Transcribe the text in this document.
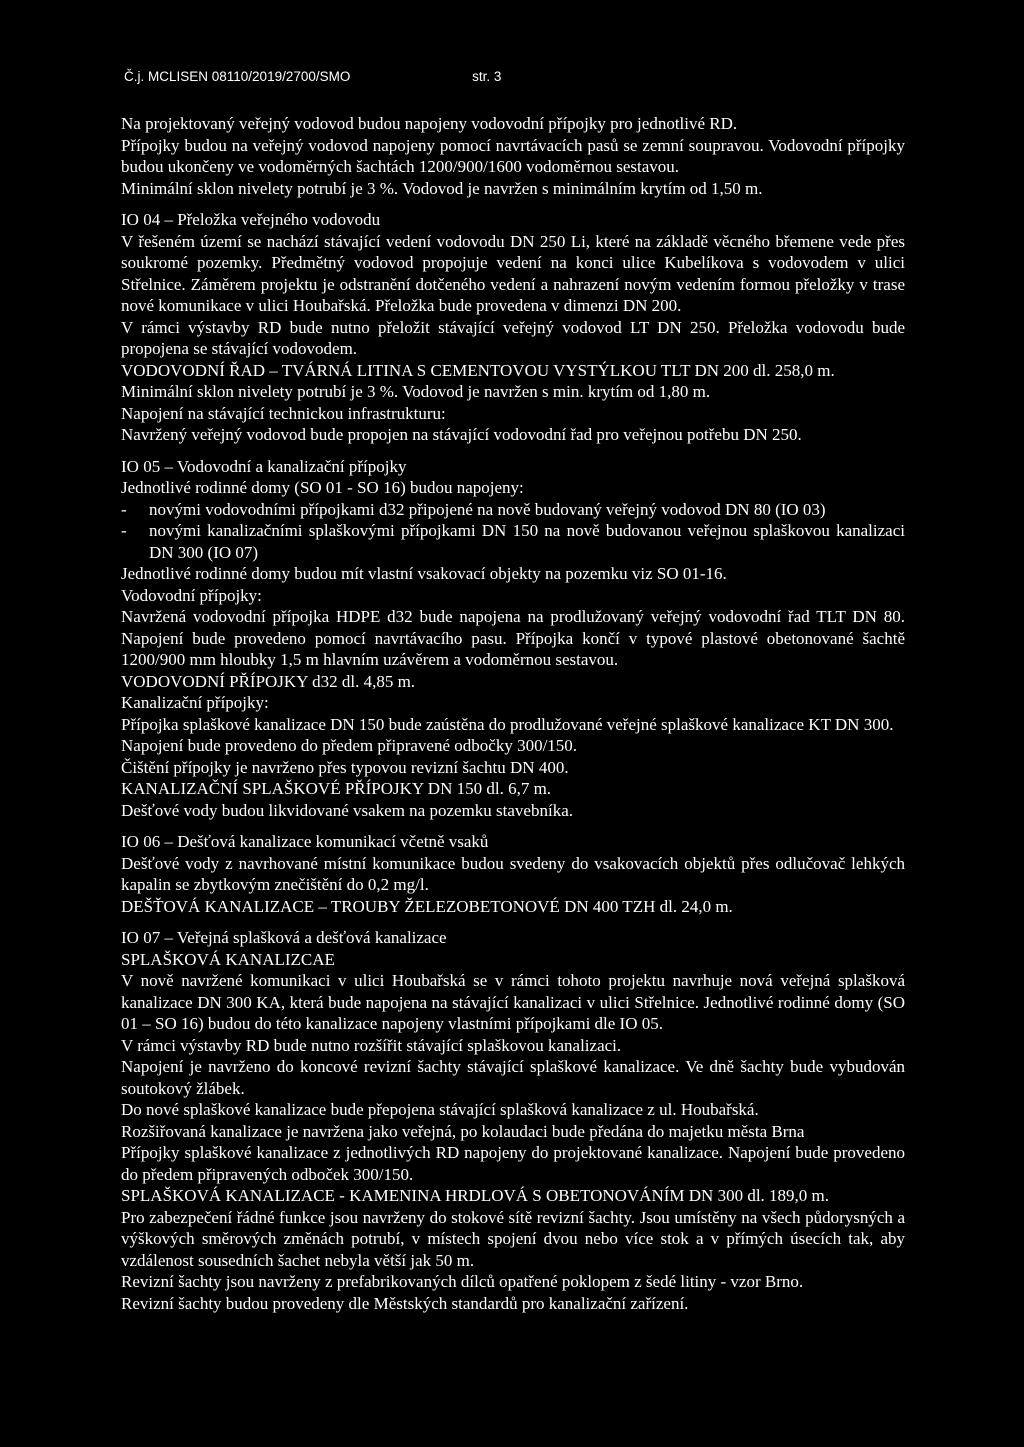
Č.j. MCLISEN 08110/2019/2700/SMO	str. 3

Na projektovaný veřejný vodovod budou napojeny vodovodní přípojky pro jednotlivé RD.

Přípojky budou na veřejný vodovod napojeny pomocí navrtávacích pasů se zemní soupravou. Vodovodní přípojky budou ukončeny ve vodoměrných šachtách 1200/900/1600 vodoměrnou sestavou.

Minimální sklon nivelety potrubí je 3 %. Vodovod je navržen s minimálním krytím od 1,50 m.

IO 04 – Přeložka veřejného vodovodu

V řešeném území se nachází stávající vedení vodovodu DN 250 Li, které na základě věcného břemene vede přes soukromé pozemky. Předmětný vodovod propojuje vedení na konci ulice Kubelíkova s vodovodem v ulici Střelnice. Záměrem projektu je odstranění dotčeného vedení a nahrazení novým vedením formou přeložky v trase nové komunikace v ulici Houbařská. Přeložka bude provedena v dimenzi DN 200.

V rámci výstavby RD bude nutno přeložit stávající veřejný vodovod LT DN 250. Přeložka vodovodu bude propojena se stávající vodovodem.

VODOVODNÍ ŘAD – TVÁRNÁ LITINA S CEMENTOVOU VYSTÝLKOU TLT DN 200 dl. 258,0 m.

Minimální sklon nivelety potrubí je 3 %. Vodovod je navržen s min. krytím od 1,80 m.

Napojení na stávající technickou infrastrukturu:

Navržený veřejný vodovod bude propojen na stávající vodovodní řad pro veřejnou potřebu DN 250.

IO 05 – Vodovodní a kanalizační přípojky

Jednotlivé rodinné domy (SO 01 - SO 16) budou napojeny:

- novými vodovodními přípojkami d32 připojené na nově budovaný veřejný vodovod DN 80 (IO 03)
- novými kanalizačními splaškovými přípojkami DN 150 na nově budovanou veřejnou splaškovou kanalizaci DN 300 (IO 07)

Jednotlivé rodinné domy budou mít vlastní vsakovací objekty na pozemku viz SO 01-16.

Vodovodní přípojky:

Navržená vodovodní přípojka HDPE d32 bude napojena na prodlužovaný veřejný vodovodní řad TLT DN 80. Napojení bude provedeno pomocí navrtávacího pasu. Přípojka končí v typové plastové obetonované šachtě 1200/900 mm hloubky 1,5 m hlavním uzávěrem a vodoměrnou sestavou.

VODOVODNÍ PŘÍPOJKY d32 dl. 4,85 m.

Kanalizační přípojky:

Přípojka splaškové kanalizace DN 150 bude zaústěna do prodlužované veřejné splaškové kanalizace KT DN 300.

Napojení bude provedeno do předem připravené odbočky 300/150.

Čištění přípojky je navrženo přes typovou revizní šachtu DN 400.

KANALIZAČNÍ SPLAŠKOVÉ PŘÍPOJKY DN 150 dl. 6,7 m.

Dešťové vody budou likvidované vsakem na pozemku stavebníka.

IO 06 – Dešťová kanalizace komunikací včetně vsaků

Dešťové vody z navrhované místní komunikace budou svedeny do vsakovacích objektů přes odlučovač lehkých kapalin se zbytkovým znečištění do 0,2 mg/l.

DEŠŤOVÁ KANALIZACE – TROUBY ŽELEZOBETONOVÉ DN 400 TZH dl. 24,0 m.

IO 07 – Veřejná splašková a dešťová kanalizace

SPLAŠKOVÁ KANALIZCAE

V nově navržené komunikaci v ulici Houbařská se v rámci tohoto projektu navrhuje nová veřejná splašková kanalizace DN 300 KA, která bude napojena na stávající kanalizaci v ulici Střelnice. Jednotlivé rodinné domy (SO 01 – SO 16) budou do této kanalizace napojeny vlastními přípojkami dle IO 05.

V rámci výstavby RD bude nutno rozšířit stávající splaškovou kanalizaci.

Napojení je navrženo do koncové revizní šachty stávající splaškové kanalizace. Ve dně šachty bude vybudován soutokový žlábek.

Do nové splaškové kanalizace bude přepojena stávající splašková kanalizace z ul. Houbařská.

Rozšiřovaná kanalizace je navržena jako veřejná, po kolaudaci bude předána do majetku města Brna

Přípojky splaškové kanalizace z jednotlivých RD napojeny do projektované kanalizace. Napojení bude provedeno do předem připravených odboček 300/150.

SPLAŠKOVÁ KANALIZACE - KAMENINA HRDLOVÁ S OBETONOVÁNÍM DN 300 dl. 189,0 m.

Pro zabezpečení řádné funkce jsou navrženy do stokové sítě revizní šachty. Jsou umístěny na všech půdorysných a výškových směrových změnách potrubí, v místech spojení dvou nebo více stok a v přímých úsecích tak, aby vzdálenost sousedních šachet nebyla větší jak 50 m.

Revizní šachty jsou navrženy z prefabrikovaných dílců opatřené poklopem z šedé litiny - vzor Brno.

Revizní šachty budou provedeny dle Městských standardů pro kanalizační zařízení.
